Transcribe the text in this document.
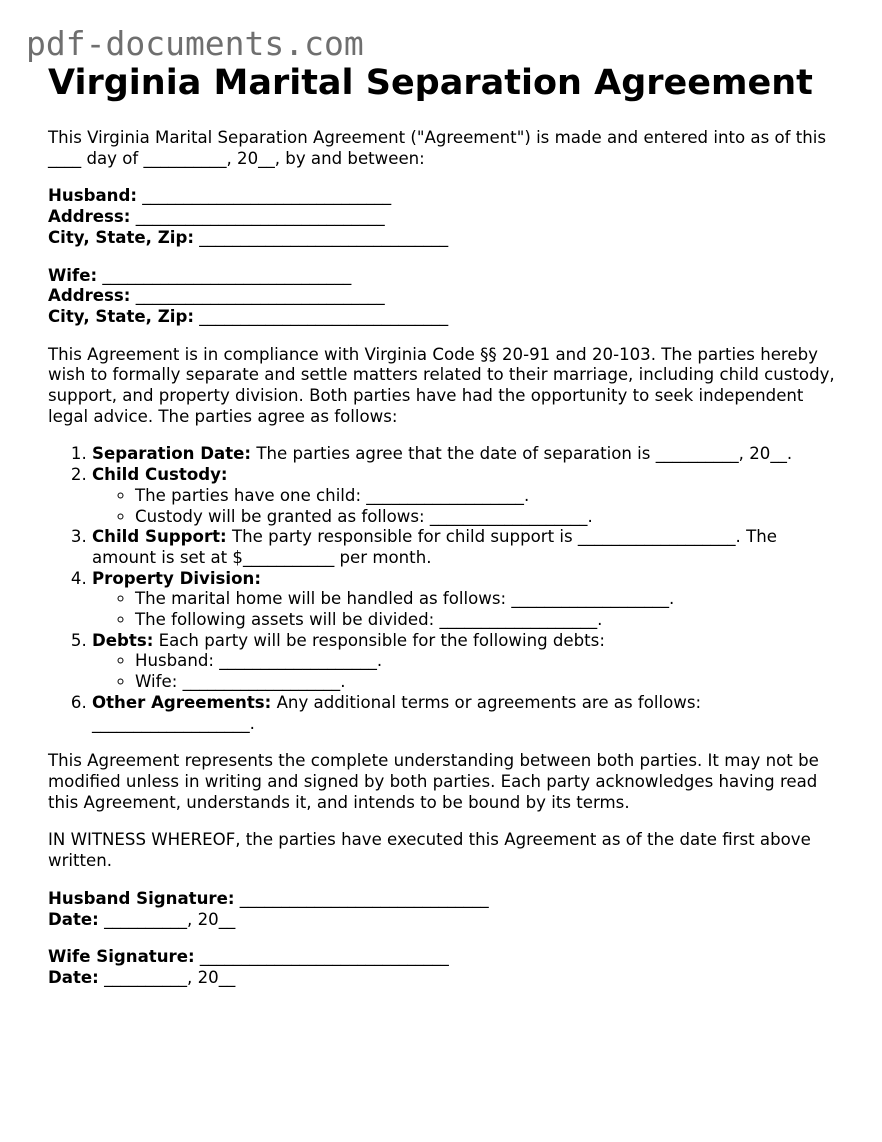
pdf-documents.com
Virginia Marital Separation Agreement

This Virginia Marital Separation Agreement ("Agreement") is made and entered into as of this ____ day of __________, 20__, by and between:

Husband: ______________________________
Address: ______________________________
City, State, Zip: ______________________________
Wife: ______________________________
Address: ______________________________
City, State, Zip: ______________________________

This Agreement is in compliance with Virginia Code §§ 20-91 and 20-103. The parties hereby wish to formally separate and settle matters related to their marriage, including child custody, support, and property division. Both parties have had the opportunity to seek independent legal advice. The parties agree as follows:

1. Separation Date: The parties agree that the date of separation is __________, 20__.
2. Child Custody:
◦ The parties have one child: ___________________.
◦ Custody will be granted as follows: ___________________.
3. Child Support: The party responsible for child support is ___________________. The amount is set at $___________ per month.
4. Property Division:
◦ The marital home will be handled as follows: ___________________.
◦ The following assets will be divided: ___________________.
5. Debts: Each party will be responsible for the following debts:
◦ Husband: ___________________.
◦ Wife: ___________________.
6. Other Agreements: Any additional terms or agreements are as follows: ___________________.

This Agreement represents the complete understanding between both parties. It may not be modified unless in writing and signed by both parties. Each party acknowledges having read this Agreement, understands it, and intends to be bound by its terms.

IN WITNESS WHEREOF, the parties have executed this Agreement as of the date first above written.

Husband Signature: ______________________________
Date: __________, 20__
Wife Signature: ______________________________
Date: __________, 20__
